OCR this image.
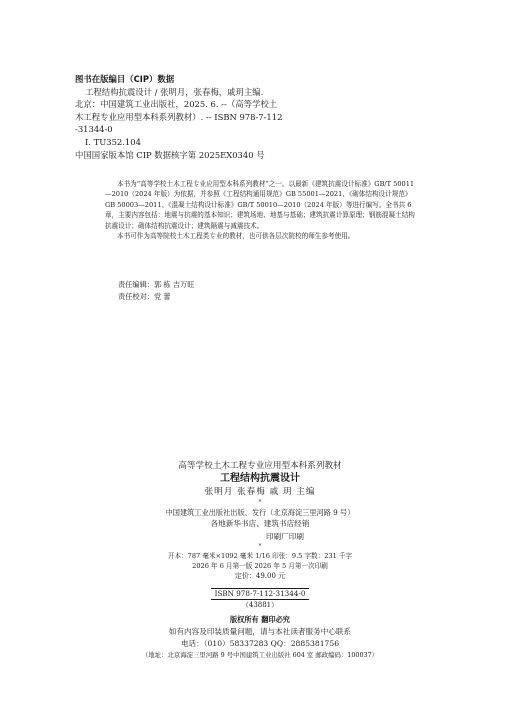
图书在版编目（CIP）数据
工程结构抗震设计 / 张明月，张春梅，戚玥主编.
北京：中国建筑工业出版社，2025. 6. --（高等学校土
木工程专业应用型本科系列教材）. -- ISBN 978-7-112
-31344-0
Ⅰ. TU352.104
中国国家版本馆 CIP 数据核字第 2025EX0340 号

本书为“高等学校土木工程专业应用型本科系列教材”之一。以最新《建筑抗震设计标准》GB/T 50011—2010（2024 年版）为依据，并参照《工程结构通用规范》GB 55001—2021、《砌体结构设计规范》GB 50003—2011、《混凝土结构设计标准》GB/T 50010—2010（2024 年版）等进行编写。全书共 6 章，主要内容包括：地震与抗震的基本知识；建筑场地、地基与基础；建筑抗震计算原理；钢筋混凝土结构抗震设计；砌体结构抗震设计；建筑隔震与减震技术。

本书可作为高等院校土木工程类专业的教材，也可供各层次院校的师生参考使用。

责任编辑：郭 栋 吉万旺
责任校对：党 蕾
高等学校土木工程专业应用型本科系列教材
工程结构抗震设计
张明月 张春梅 戚 玥 主编
*
中国建筑工业出版社出版、发行（北京海淀三里河路 9 号）
各地新华书店、建筑书店经销
印刷厂印刷
*
开本：787 毫米×1092 毫米 1/16 印张：9.5 字数：231 千字
2026 年 6 月第一版 2026 年 5 月第一次印刷
定价：49.00 元
ISBN 978-7-112-31344-0
（43881）
版权所有 翻印必究
如有内容及印装质量问题，请与本社读者服务中心联系
电话：（010）58337283 QQ：2885381756
（地址：北京海淀三里河路 9 号中国建筑工业出版社 604 室 邮政编码：100037）
